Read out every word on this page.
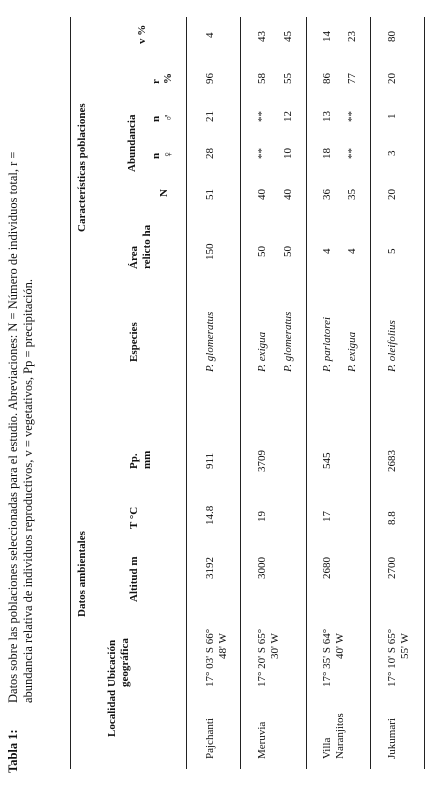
Tabla 1:
Datos sobre las poblaciones seleccionadas para el estudio. Abreviaciones: N = Número de individuos total, r = abundancia relativa de individuos reproductivos, v = vegetativos, Pp = precipitación.	Datos ambientales
Características poblaciones	Abundancia
Localidad
Ubicación geográfica
Altitud m
T °C
Pp. mm
Especies
Área relicto ha
N
n ♀
n ♂
r %
v %
Pajchanti
17° 03' S 66° 48' W
3192
14.8
911
P. glomeratus
150
51
28
21
96
4
Meruvia
17° 20' S 65° 30' W
3000
19
3709
P. exigua
50
40
**
**
58
43
P. glomeratus
50
40
10
12
55
45
Villa Naranjitos
17° 35' S 64° 40' W
2680
17
545
P. parlatorei
4
36
18
13
86
14
P. exigua
4
35
**
**
77
23
Jukumari
17° 10' S 65° 55' W
2700
8.8
2683
P. oleifolius
5
20
3
1
20
80
